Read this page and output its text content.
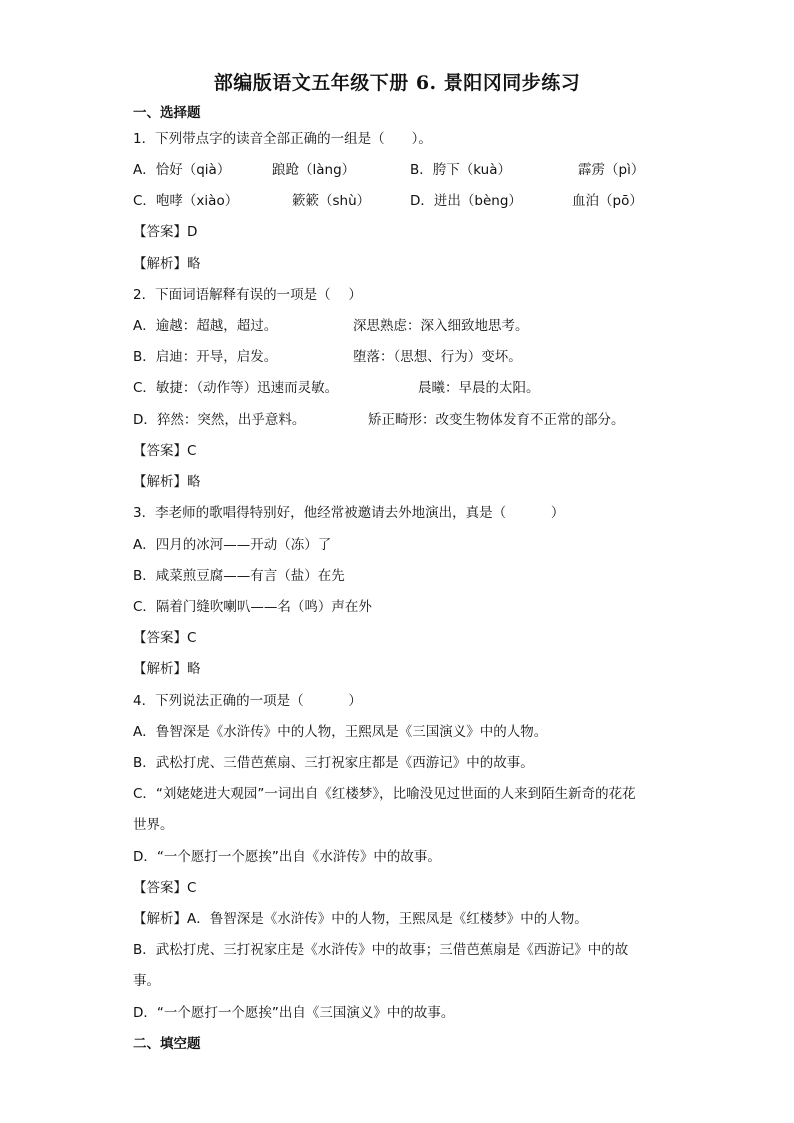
部编版语文五年级下册 6. 景阳冈同步练习
一、选择题
1．下列带点字的读音全部正确的一组是（　　）。
A．恰好（qià）	踉跄（làng）	B．胯下（kuà）	霹雳（pì）
C．咆哮（xiào）	簌簌（shù）	D．迸出（bèng）	血泊（pō）
【答案】D
【解析】略
2．下面词语解释有误的一项是（　 ）
A．逾越：超越，超过。	深思熟虑：深入细致地思考。
B．启迪：开导，启发。	堕落：（思想、行为）变坏。
C．敏捷：（动作等）迅速而灵敏。	晨曦：早晨的太阳。
D．猝然：突然，出乎意料。	矫正畸形：改变生物体发育不正常的部分。
【答案】C
【解析】略
3．李老师的歌唱得特别好，他经常被邀请去外地演出，真是（　　　 ）
A．四月的冰河——开动（冻）了
B．咸菜煎豆腐——有言（盐）在先
C．隔着门缝吹喇叭——名（鸣）声在外
【答案】C
【解析】略
4．下列说法正确的一项是（　　　 ）
A．鲁智深是《水浒传》中的人物，王熙凤是《三国演义》中的人物。
B．武松打虎、三借芭蕉扇、三打祝家庄都是《西游记》中的故事。
C．“刘姥姥进大观园”一词出自《红楼梦》，比喻没见过世面的人来到陌生新奇的花花
世界。
D．“一个愿打一个愿挨”出自《水浒传》中的故事。
【答案】C
【解析】A．鲁智深是《水浒传》中的人物，王熙凤是《红楼梦》中的人物。
B．武松打虎、三打祝家庄是《水浒传》中的故事；三借芭蕉扇是《西游记》中的故
事。
D．“一个愿打一个愿挨”出自《三国演义》中的故事。
二、填空题
